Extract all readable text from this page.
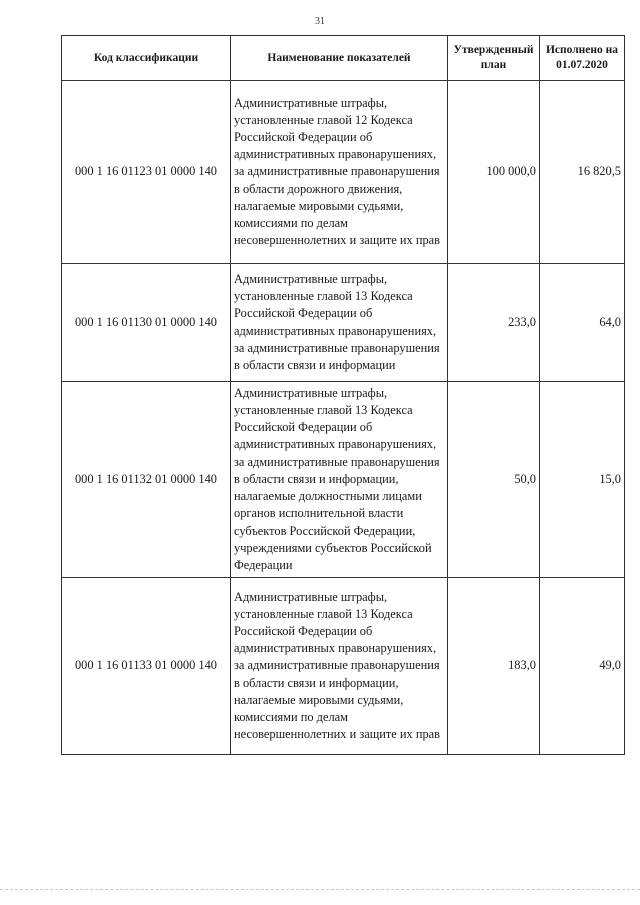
31
Код классификации	Наименование показателей	Утвержденный план	Исполнено на 01.07.2020
000 1 16 01123 01 0000 140	Административные штрафы, установленные главой 12 Кодекса Российской Федерации об административных правонарушениях, за административные правонарушения в области дорожного движения, налагаемые мировыми судьями, комиссиями по делам несовершеннолетних и защите их прав	100 000,0	16 820,5
000 1 16 01130 01 0000 140	Административные штрафы, установленные главой 13 Кодекса Российской Федерации об административных правонарушениях, за административные правонарушения в области связи и информации	233,0	64,0
000 1 16 01132 01 0000 140	Административные штрафы, установленные главой 13 Кодекса Российской Федерации об административных правонарушениях, за административные правонарушения в области связи и информации, налагаемые должностными лицами органов исполнительной власти субъектов Российской Федерации, учреждениями субъектов Российской Федерации	50,0	15,0
000 1 16 01133 01 0000 140	Административные штрафы, установленные главой 13 Кодекса Российской Федерации об административных правонарушениях, за административные правонарушения в области связи и информации, налагаемые мировыми судьями, комиссиями по делам несовершеннолетних и защите их прав	183,0	49,0
